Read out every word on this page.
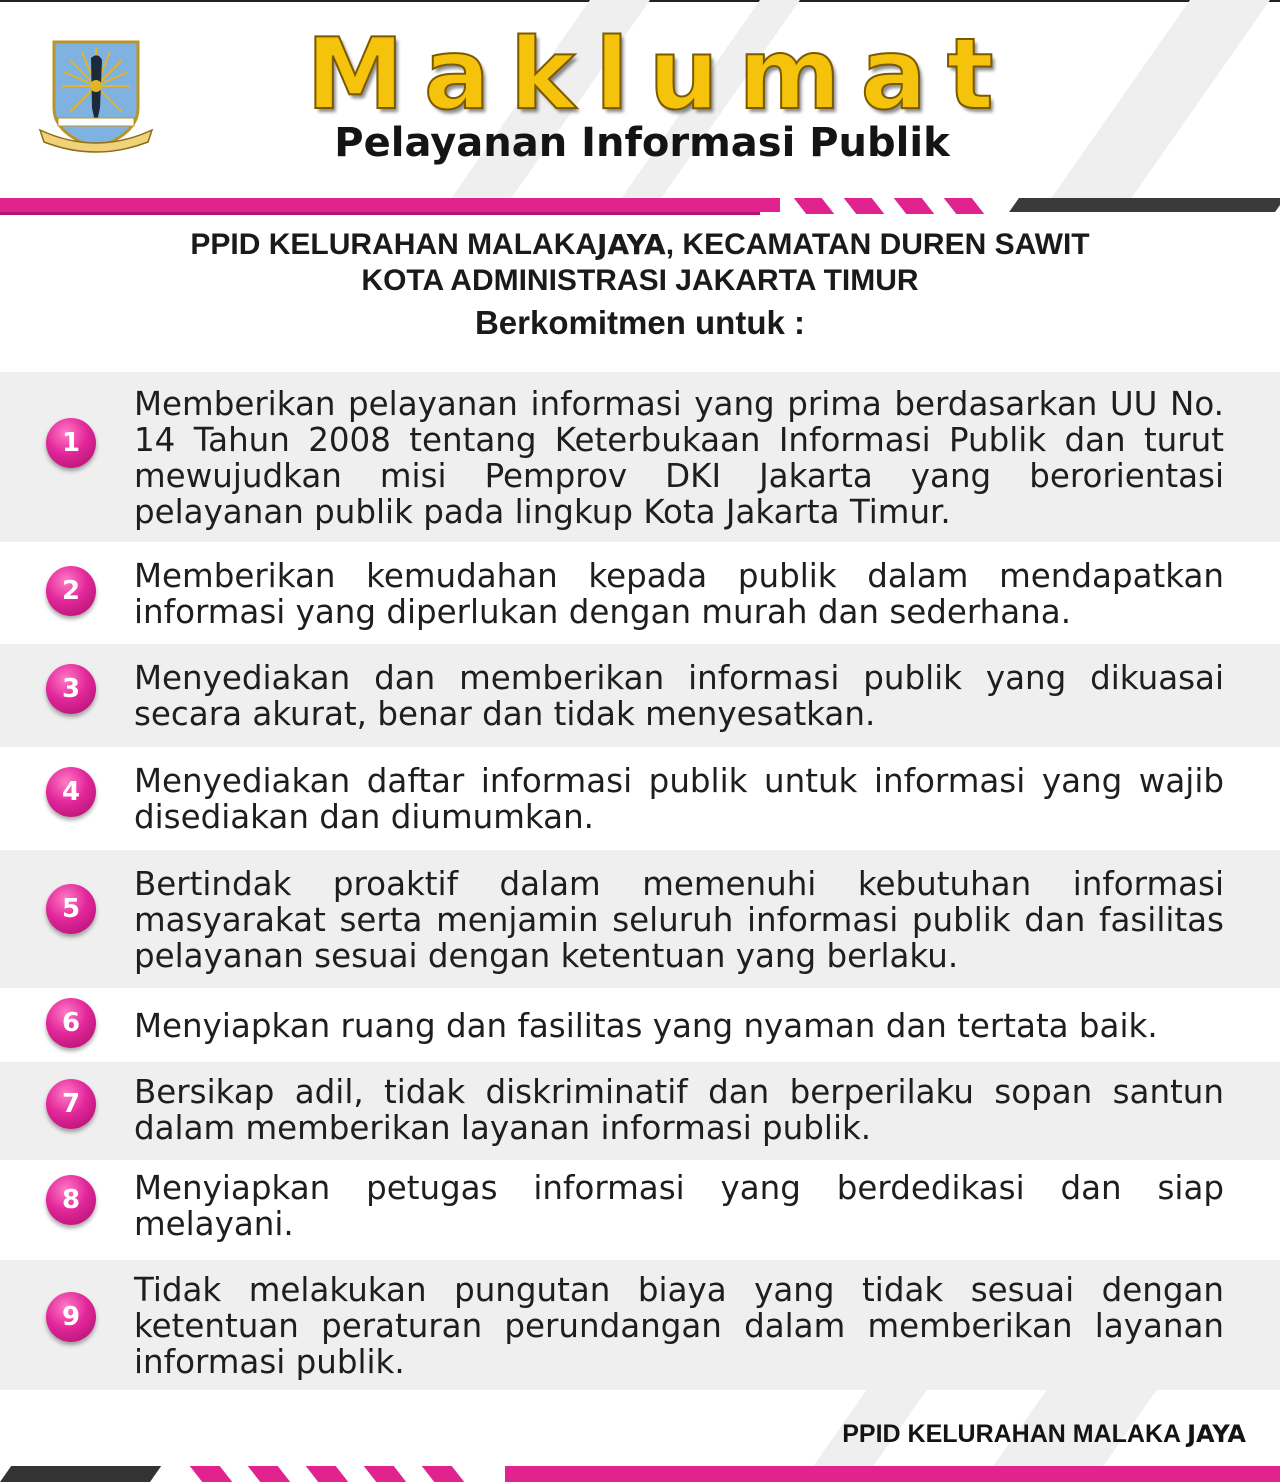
Maklumat
Pelayanan Informasi Publik
PPID KELURAHAN MALAKAJAYA, KECAMATAN DUREN SAWIT
KOTA ADMINISTRASI JAKARTA TIMUR
Berkomitmen untuk :
1
Memberikan pelayanan informasi yang prima berdasarkan UU No. 14 Tahun 2008 tentang Keterbukaan Informasi Publik dan turut mewujudkan misi Pemprov DKI Jakarta yang berorientasi pelayanan publik pada lingkup Kota Jakarta Timur.
2	Memberikan kemudahan kepada publik dalam mendapatkan informasi yang diperlukan dengan murah dan sederhana.
3	Menyediakan dan memberikan informasi publik yang dikuasai secara akurat, benar dan tidak menyesatkan.
4	Menyediakan daftar informasi publik untuk informasi yang wajib disediakan dan diumumkan.
5
Bertindak proaktif dalam memenuhi kebutuhan informasi masyarakat serta menjamin seluruh informasi publik dan fasilitas pelayanan sesuai dengan ketentuan yang berlaku.
6	Menyiapkan ruang dan fasilitas yang nyaman dan tertata baik.
7	Bersikap adil, tidak diskriminatif dan berperilaku sopan santun dalam memberikan layanan informasi publik.
8	Menyiapkan petugas informasi yang berdedikasi dan siap melayani.
9
Tidak melakukan pungutan biaya yang tidak sesuai dengan ketentuan peraturan perundangan dalam memberikan layanan informasi publik.
PPID KELURAHAN MALAKA JAYA
